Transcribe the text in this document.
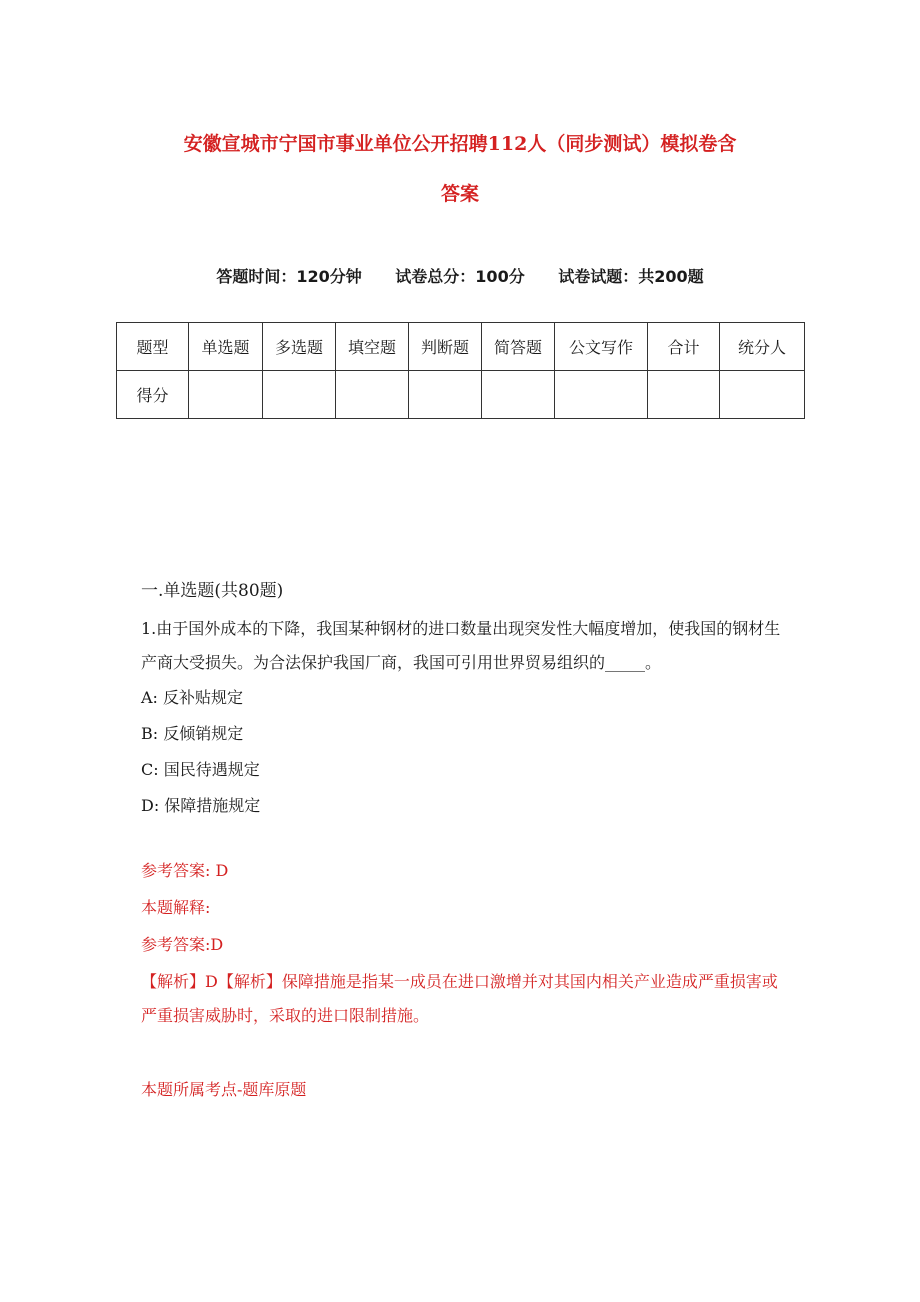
安徽宣城市宁国市事业单位公开招聘112人（同步测试）模拟卷含
答案
答题时间：120分钟 试卷总分：100分 试卷试题：共200题
题型	单选题	多选题	填空题	判断题	简答题	公文写作	合计	统分人
得分								
一.单选题(共80题)

1.由于国外成本的下降，我国某种钢材的进口数量出现突发性大幅度增加，使我国的钢材生产商大受损失。为合法保护我国厂商，我国可引用世界贸易组织的_____。

A: 反补贴规定
B: 反倾销规定
C: 国民待遇规定
D: 保障措施规定
参考答案: D
本题解释:
参考答案:D
【解析】D【解析】保障措施是指某一成员在进口激增并对其国内相关产业造成严重损害或严重损害威胁时，采取的进口限制措施。
本题所属考点-题库原题
